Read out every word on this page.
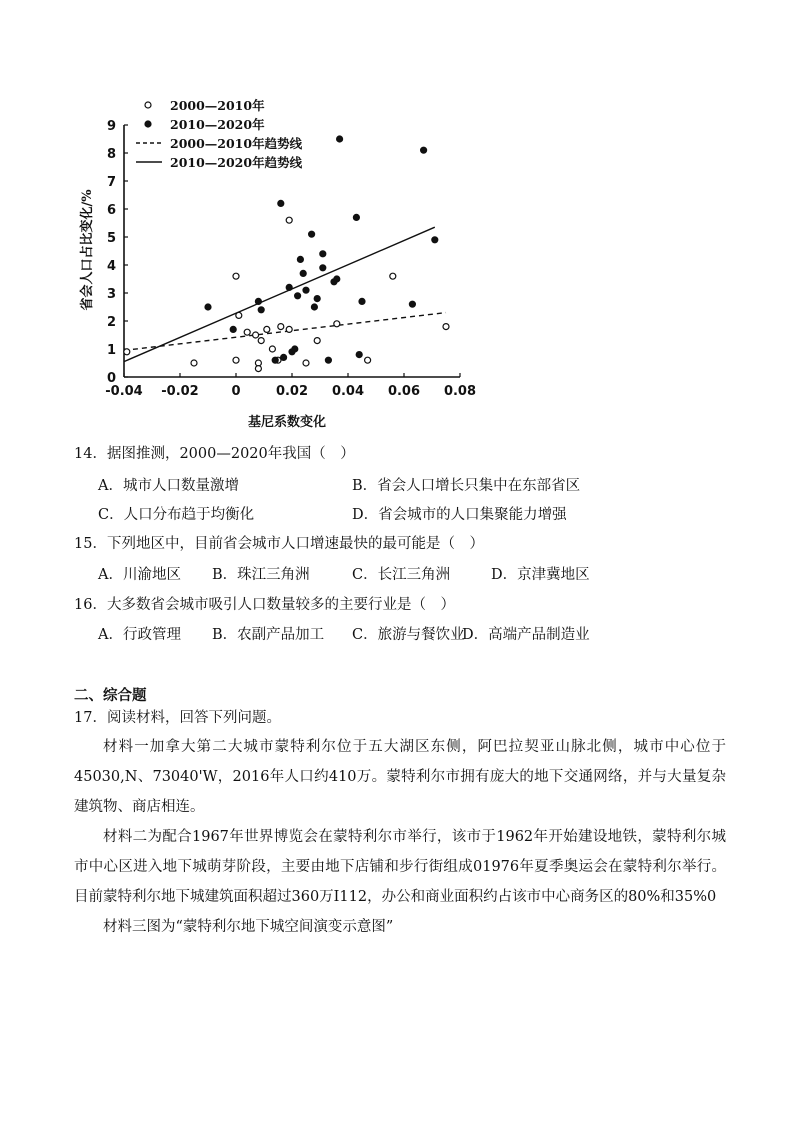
0
1
2
3
4
5
6
7
8
9
-0.04 -0.02	0	0.02 0.04 0.06 0.08
2000—2010年
2010—2020年
2000—2010年趋势线
2010—2020年趋势线
省会人口占比变化/%
基尼系数变化
14．据图推测，2000—2020年我国（　）
A．城市人口数量激增	B．省会人口增长只集中在东部省区
C．人口分布趋于均衡化	D．省会城市的人口集聚能力增强
15．下列地区中，目前省会城市人口增速最快的最可能是（　）
A．川渝地区 B．珠江三角洲	C．长江三角洲	D．京津冀地区
16．大多数省会城市吸引人口数量较多的主要行业是（　）
A．行政管理 B．农副产品加工 C．旅游与餐饮业
D．高端产品制造业
二、综合题
17．阅读材料，回答下列问题。
材料一加拿大第二大城市蒙特利尔位于五大湖区东侧，阿巴拉契亚山脉北侧，城市中心位于45030,N、73040'W，2016年人口约410万。蒙特利尔市拥有庞大的地下交通网络，并与大量复杂建筑物、商店相连。
材料二为配合1967年世界博览会在蒙特利尔市举行，该市于1962年开始建设地铁，蒙特利尔城市中心区进入地下城萌芽阶段，主要由地下店铺和步行街组成01976年夏季奥运会在蒙特利尔举行。目前蒙特利尔地下城建筑面积超过360万I112，办公和商业面积约占该市中心商务区的80%和35%0
材料三图为“蒙特利尔地下城空间演变示意图”
